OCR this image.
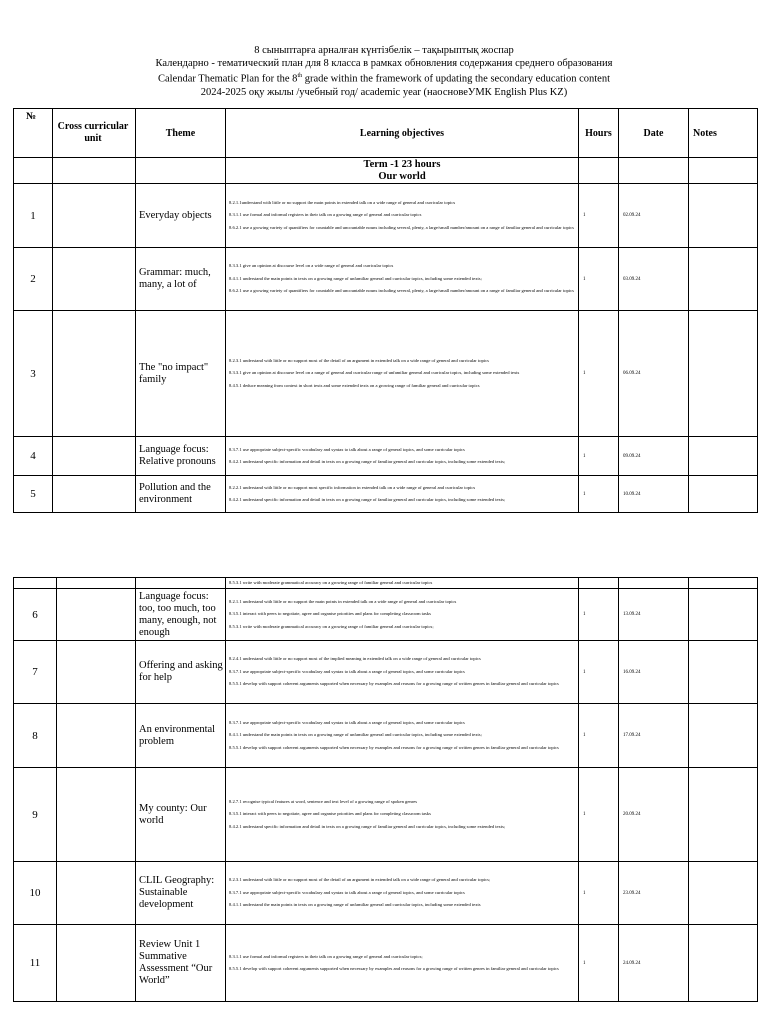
8 сыныптарға арналған күнтізбелік – тақырыптық жоспар
Календарно - тематический план для 8 класса в рамках обновления содержания среднего образования
Calendar Thematic Plan for the 8th grade within the framework of updating the secondary education content
2024-2025 оқу жылы /учебный год/ academic year (наосновеУМК English Plus KZ)
№	Cross curricular unit	Theme	Learning objectives	Hours	Date	Notes

			Term -1 23 hours
Our world			

1		Everyday objects	8.2.1.1understand with little or no support the main points in extended talk on a wide range of general and curricular topics
8.3.1.1 use formal and informal registers in their talk on a growing range of general and curricular topics
8.6.2.1 use a growing variety of quantifiers for countable and uncountable nouns including several, plenty, a large/small number/amount on a range of familiar general and curricular topics	1	02.09.24	
2		Grammar: much, many, a lot of	8.3.3.1 give an opinion at discourse level on a wide range of general and curricular topics
8.4.1.1 understand the main points in texts on a growing range of unfamiliar general and curricular topics, including some extended texts;
8.6.2.1 use a growing variety of quantifiers for countable and uncountable nouns including several, plenty, a large/small number/amount on a range of familiar general and curricular topics	1	03.09.24	
3		The "no impact" family	8.2.3.1 understand with little or no support most of the detail of an argument in extended talk on a wide range of general and curricular topics
8.3.3.1 give an opinion at discourse level on a range of general and curricular range of unfamiliar general and curricular topics, including some extended texts
8.4.5.1 deduce meaning from context in short texts and some extended texts on a growing range of familiar general and curricular topics	1	06.09.24	
4		Language focus: Relative pronouns	8.3.7.1 use appropriate subject-specific vocabulary and syntax to talk about a range of general topics, and some curricular topics
8.4.2.1 understand specific information and detail in texts on a growing range of familiar general and curricular topics, including some extended texts;	1	09.09.24	
5		Pollution and the environment	8.2.2.1 understand with little or no support most specific information in extended talk on a wide range of general and curricular topics
8.4.2.1 understand specific information and detail in texts on a growing range of familiar general and curricular topics, including some extended texts;	1	10.09.24	
			8.5.3.1 write with moderate grammatical accuracy on a growing range of familiar general and curricular topics			
6		Language focus: too, too much, too many, enough, not enough	8.2.1.1 understand with little or no support the main points in extended talk on a wide range of general and curricular topics
8.3.5.1 interact with peers to negotiate, agree and organise priorities and plans for completing classroom tasks
8.5.3.1 write with moderate grammatical accuracy on a growing range of familiar general and curricular topics;	1	13.09.24	
7		Offering and asking for help	8.2.4.1 understand with little or no support most of the implied meaning in extended talk on a wide range of general and curricular topics
8.3.7.1 use appropriate subject-specific vocabulary and syntax to talk about a range of general topics, and some curricular topics
8.5.5.1 develop with support coherent arguments supported when necessary by examples and reasons for a growing range of written genres in familiar general and curricular topics	1	16.09.24	
8		An environmental problem	8.3.7.1 use appropriate subject-specific vocabulary and syntax to talk about a range of general topics, and some curricular topics
8.4.1.1 understand the main points in texts on a growing range of unfamiliar general and curricular topics, including some extended texts;
8.5.5.1 develop with support coherent arguments supported when necessary by examples and reasons for a growing range of written genres in familiar general and curricular topics	1	17.09.24	
9		My county: Our world	8.2.7.1 recognise typical features at word, sentence and text level of a growing range of spoken genres
8.3.5.1 interact with peers to negotiate, agree and organise priorities and plans for completing classroom tasks
8.4.2.1 understand specific information and detail in texts on a growing range of familiar general and curricular topics, including some extended texts;	1	20.09.24	
10		CLIL Geography: Sustainable development	8.2.3.1 understand with little or no support most of the detail of an argument in extended talk on a wide range of general and curricular topics;
8.3.7.1 use appropriate subject-specific vocabulary and syntax to talk about a range of general topics, and some curricular topics
8.4.1.1 understand the main points in texts on a growing range of unfamiliar general and curricular topics, including some extended texts	1	23.09.24	
11		Review Unit 1 Summative Assessment “Our World”	8.3.1.1 use formal and informal registers in their talk on a growing range of general and curricular topics;
8.5.5.1 develop with support coherent arguments supported when necessary by examples and reasons for a growing range of written genres in familiar general and curricular topics	1	24.09.24	
